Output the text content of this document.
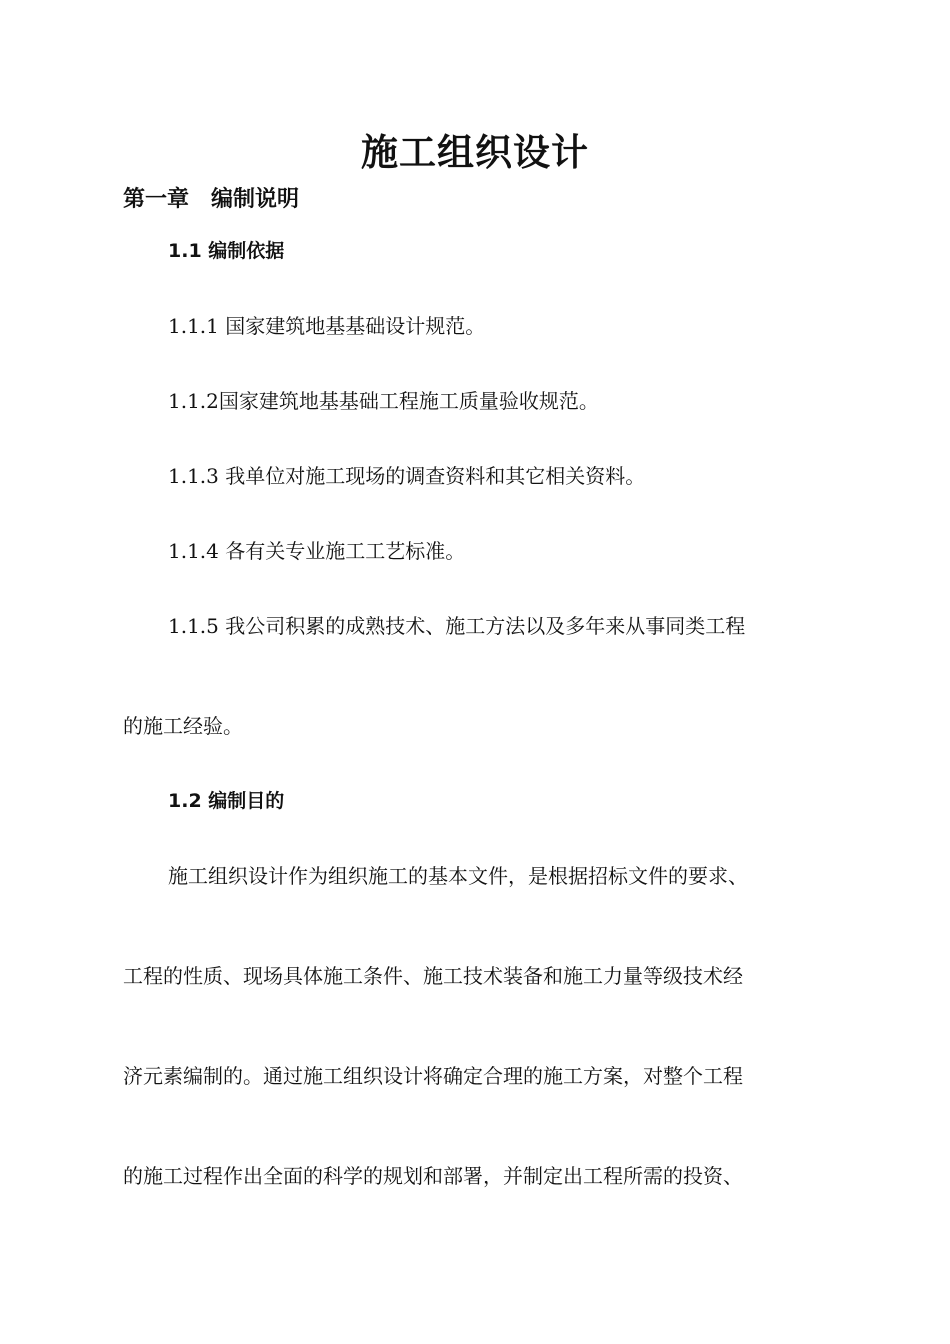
施工组织设计
第一章 编制说明
1.1 编制依据

1.1.1 国家建筑地基基础设计规范。

1.1.2国家建筑地基基础工程施工质量验收规范。

1.1.3 我单位对施工现场的调查资料和其它相关资料。

1.1.4 各有关专业施工工艺标准。

1.1.5 我公司积累的成熟技术、施工方法以及多年来从事同类工程

的施工经验。

1.2 编制目的

施工组织设计作为组织施工的基本文件，是根据招标文件的要求、

工程的性质、现场具体施工条件、施工技术装备和施工力量等级技术经

济元素编制的。通过施工组织设计将确定合理的施工方案，对整个工程

的施工过程作出全面的科学的规划和部署，并制定出工程所需的投资、
